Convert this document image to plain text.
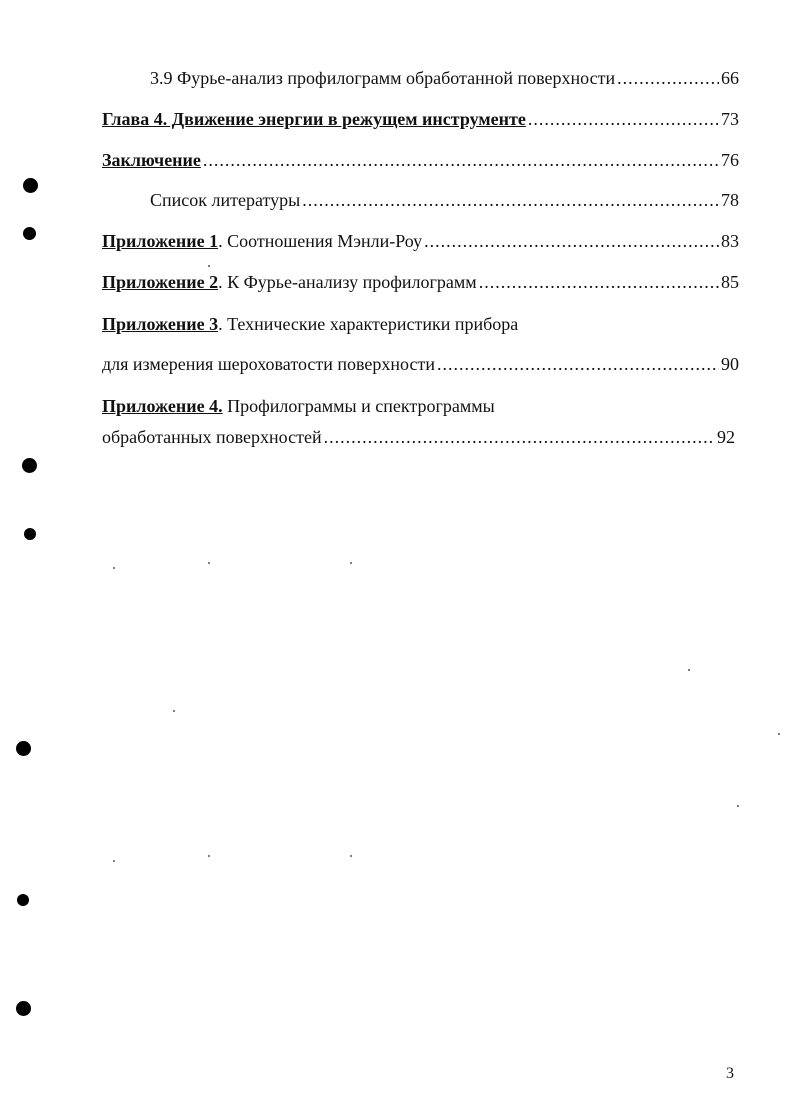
3.9 Фурье-анализ профилограмм обработанной поверхности .....	66
Глава 4. Движение энергии в режущем инструменте .....	73
Заключение .....	76
Список литературы .....	78
Приложение 1. Соотношения Мэнли-Роу .....	83
Приложение 2. К Фурье-анализу профилограмм .....	85
Приложение 3. Технические характеристики прибора
для измерения шероховатости поверхности .....	90
Приложение 4. Профилограммы и спектрограммы
обработанных поверхностей .....	92
3
